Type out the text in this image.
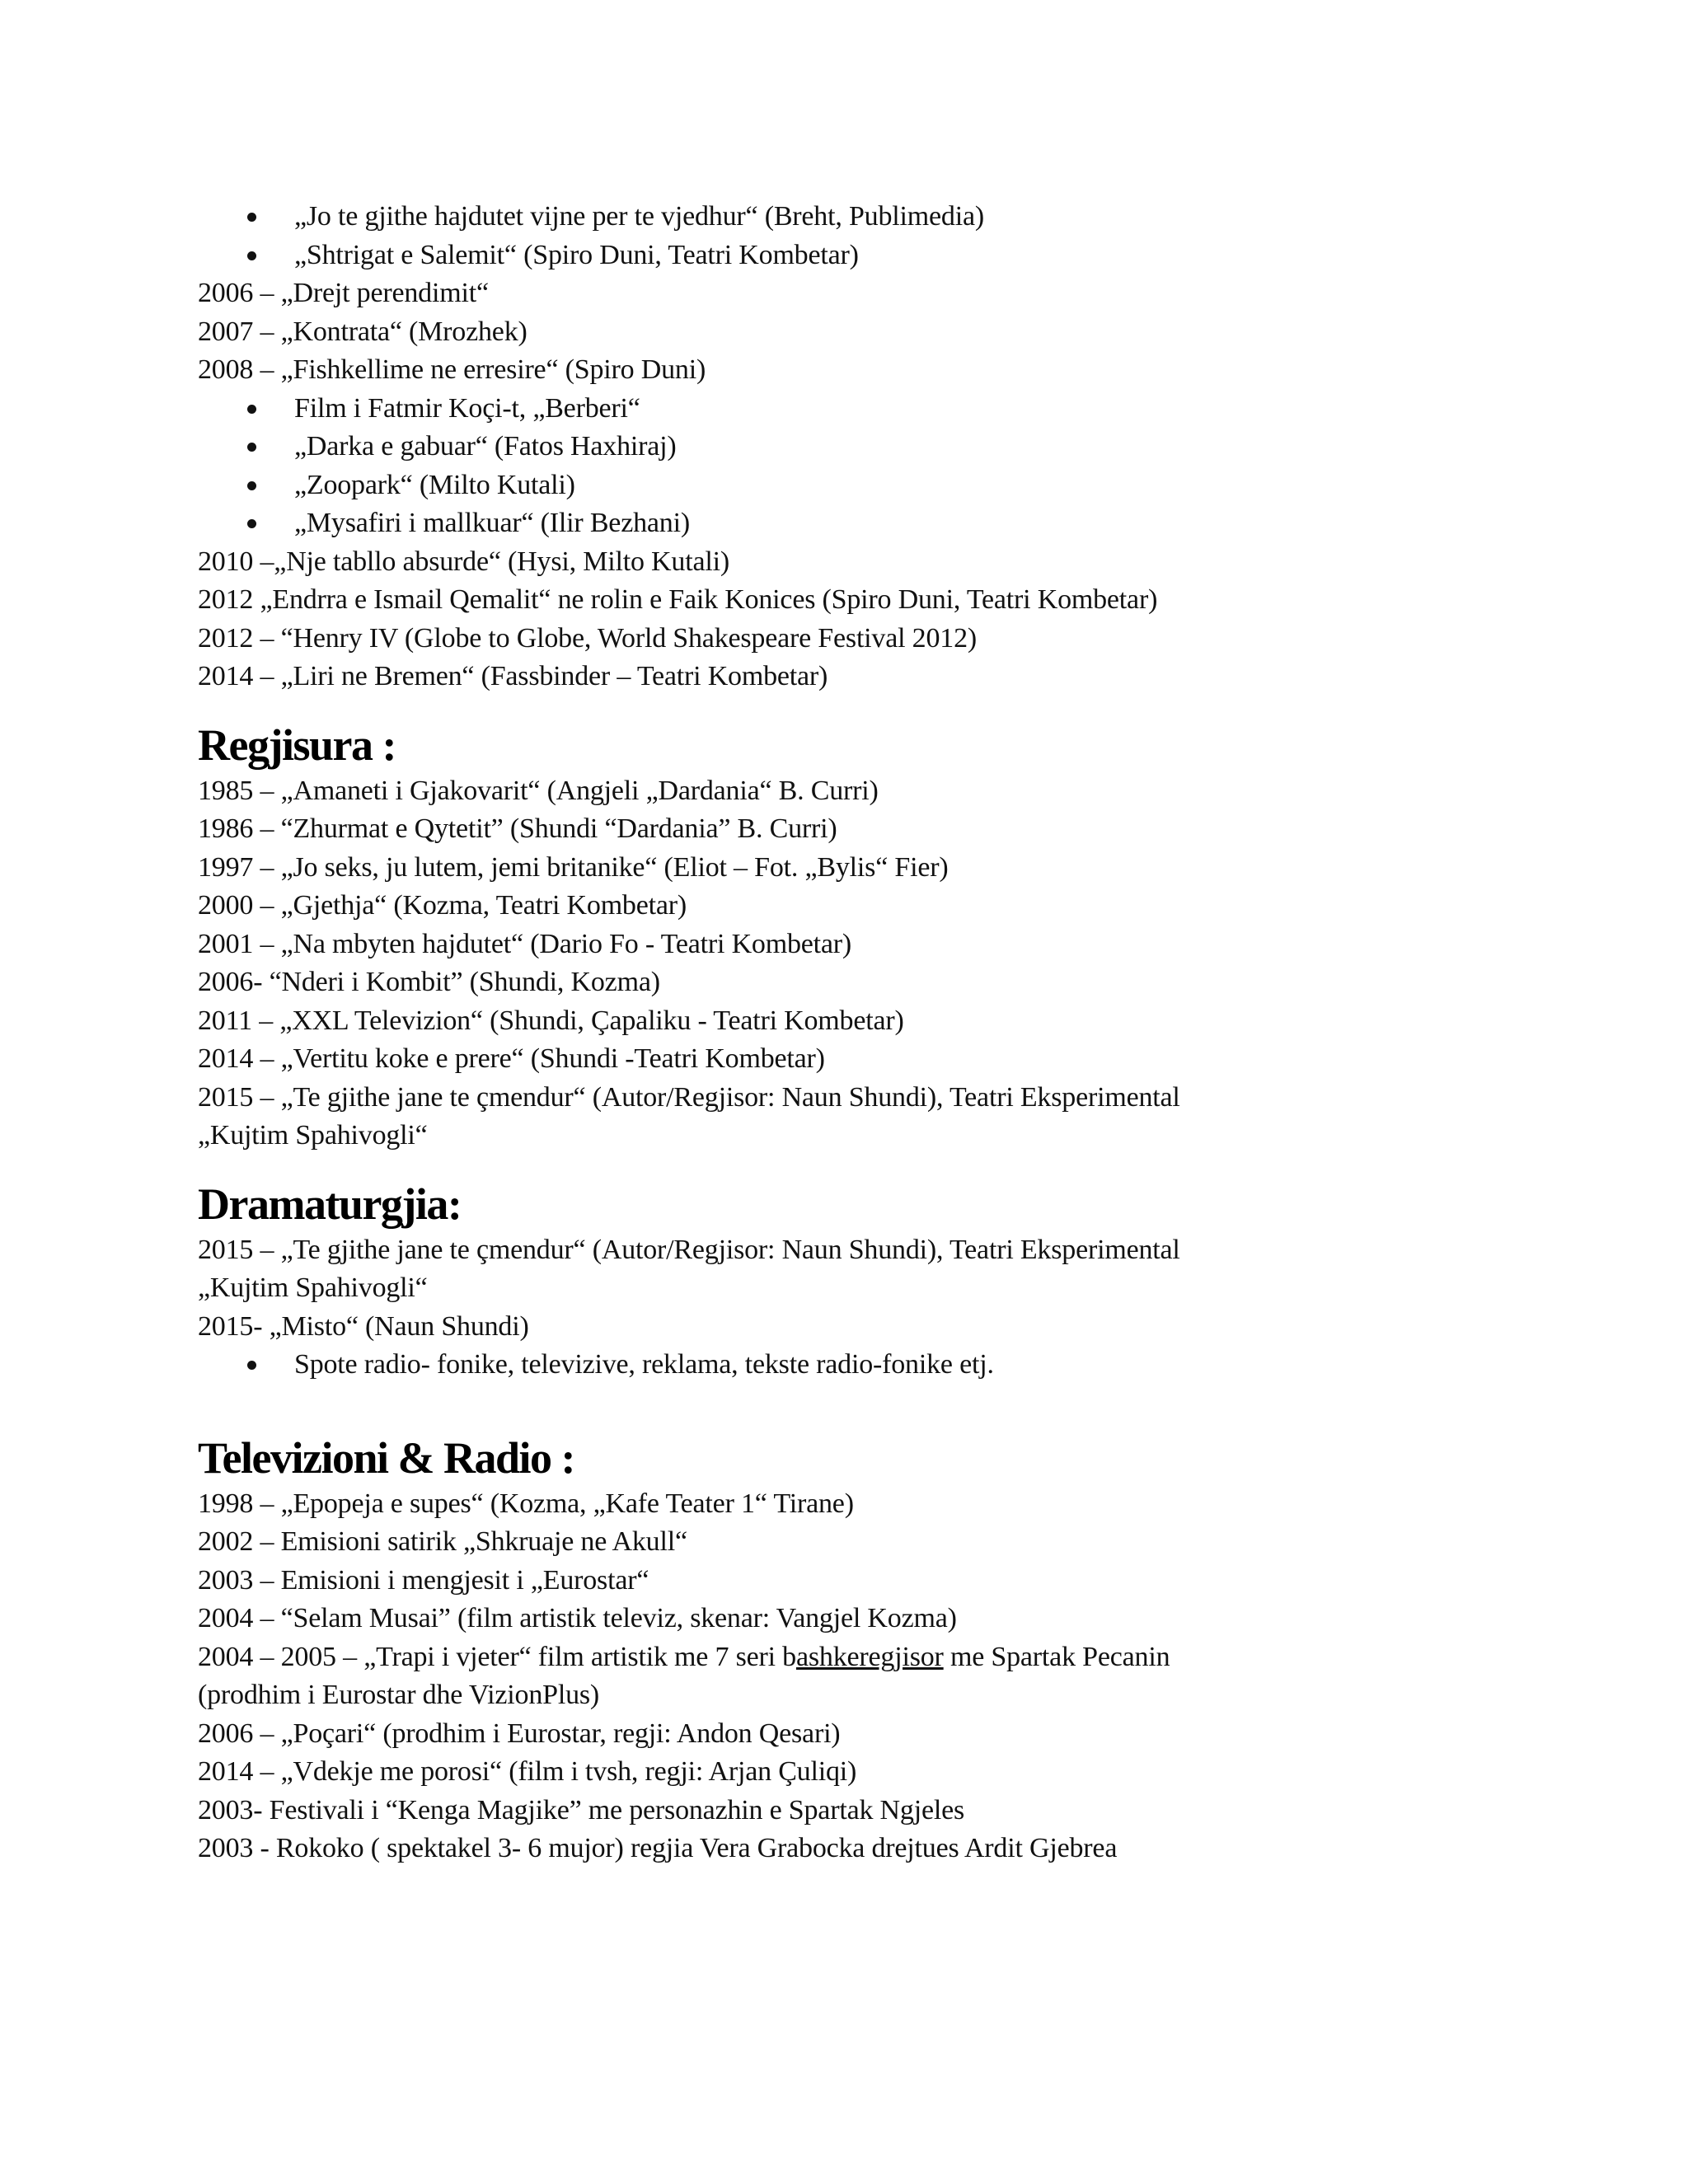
„Jo te gjithe hajdutet vijne per te vjedhur“ (Breht, Publimedia)
„Shtrigat e Salemit“ (Spiro Duni, Teatri Kombetar)
2006 – „Drejt perendimit“
2007 – „Kontrata“ (Mrozhek)
2008 – „Fishkellime ne erresire“ (Spiro Duni)
Film i Fatmir Koçi-t, „Berberi“
„Darka e gabuar“ (Fatos Haxhiraj)
„Zoopark“ (Milto Kutali)
„Mysafiri i mallkuar“ (Ilir Bezhani)
2010 –„Nje tabllo absurde“ (Hysi, Milto Kutali)
2012 „Endrra e Ismail Qemalit“ ne rolin e Faik Konices (Spiro Duni, Teatri Kombetar)
2012 – “Henry IV (Globe to Globe, World Shakespeare Festival 2012)
2014 – „Liri ne Bremen“ (Fassbinder – Teatri Kombetar)
Regjisura :
1985 – „Amaneti i Gjakovarit“ (Angjeli „Dardania“ B. Curri)
1986 – “Zhurmat e Qytetit” (Shundi “Dardania” B. Curri)
1997 – „Jo seks, ju lutem, jemi britanike“ (Eliot – Fot. „Bylis“ Fier)
2000 – „Gjethja“ (Kozma, Teatri Kombetar)
2001 – „Na mbyten hajdutet“ (Dario Fo - Teatri Kombetar)
2006- “Nderi i Kombit” (Shundi, Kozma)
2011 – „XXL Televizion“ (Shundi, Çapaliku - Teatri Kombetar)
2014 – „Vertitu koke e prere“ (Shundi -Teatri Kombetar)
2015 – „Te gjithe jane te çmendur“ (Autor/Regjisor: Naun Shundi), Teatri Eksperimental
„Kujtim Spahivogli“
Dramaturgjia:
2015 – „Te gjithe jane te çmendur“ (Autor/Regjisor: Naun Shundi), Teatri Eksperimental
„Kujtim Spahivogli“
2015- „Misto“ (Naun Shundi)
Spote radio- fonike, televizive, reklama, tekste radio-fonike etj.
Televizioni & Radio :
1998 – „Epopeja e supes“ (Kozma, „Kafe Teater 1“ Tirane)
2002 – Emisioni satirik „Shkruaje ne Akull“
2003 – Emisioni i mengjesit i „Eurostar“
2004 – “Selam Musai” (film artistik televiz, skenar: Vangjel Kozma)
2004 – 2005 – „Trapi i vjeter“ film artistik me 7 seri bashkeregjisor me Spartak Pecanin
(prodhim i Eurostar dhe VizionPlus)
2006 – „Poçari“ (prodhim i Eurostar, regji: Andon Qesari)
2014 – „Vdekje me porosi“ (film i tvsh, regji: Arjan Çuliqi)
2003- Festivali i “Kenga Magjike” me personazhin e Spartak Ngjeles
2003 - Rokoko ( spektakel 3- 6 mujor) regjia Vera Grabocka drejtues Ardit Gjebrea
